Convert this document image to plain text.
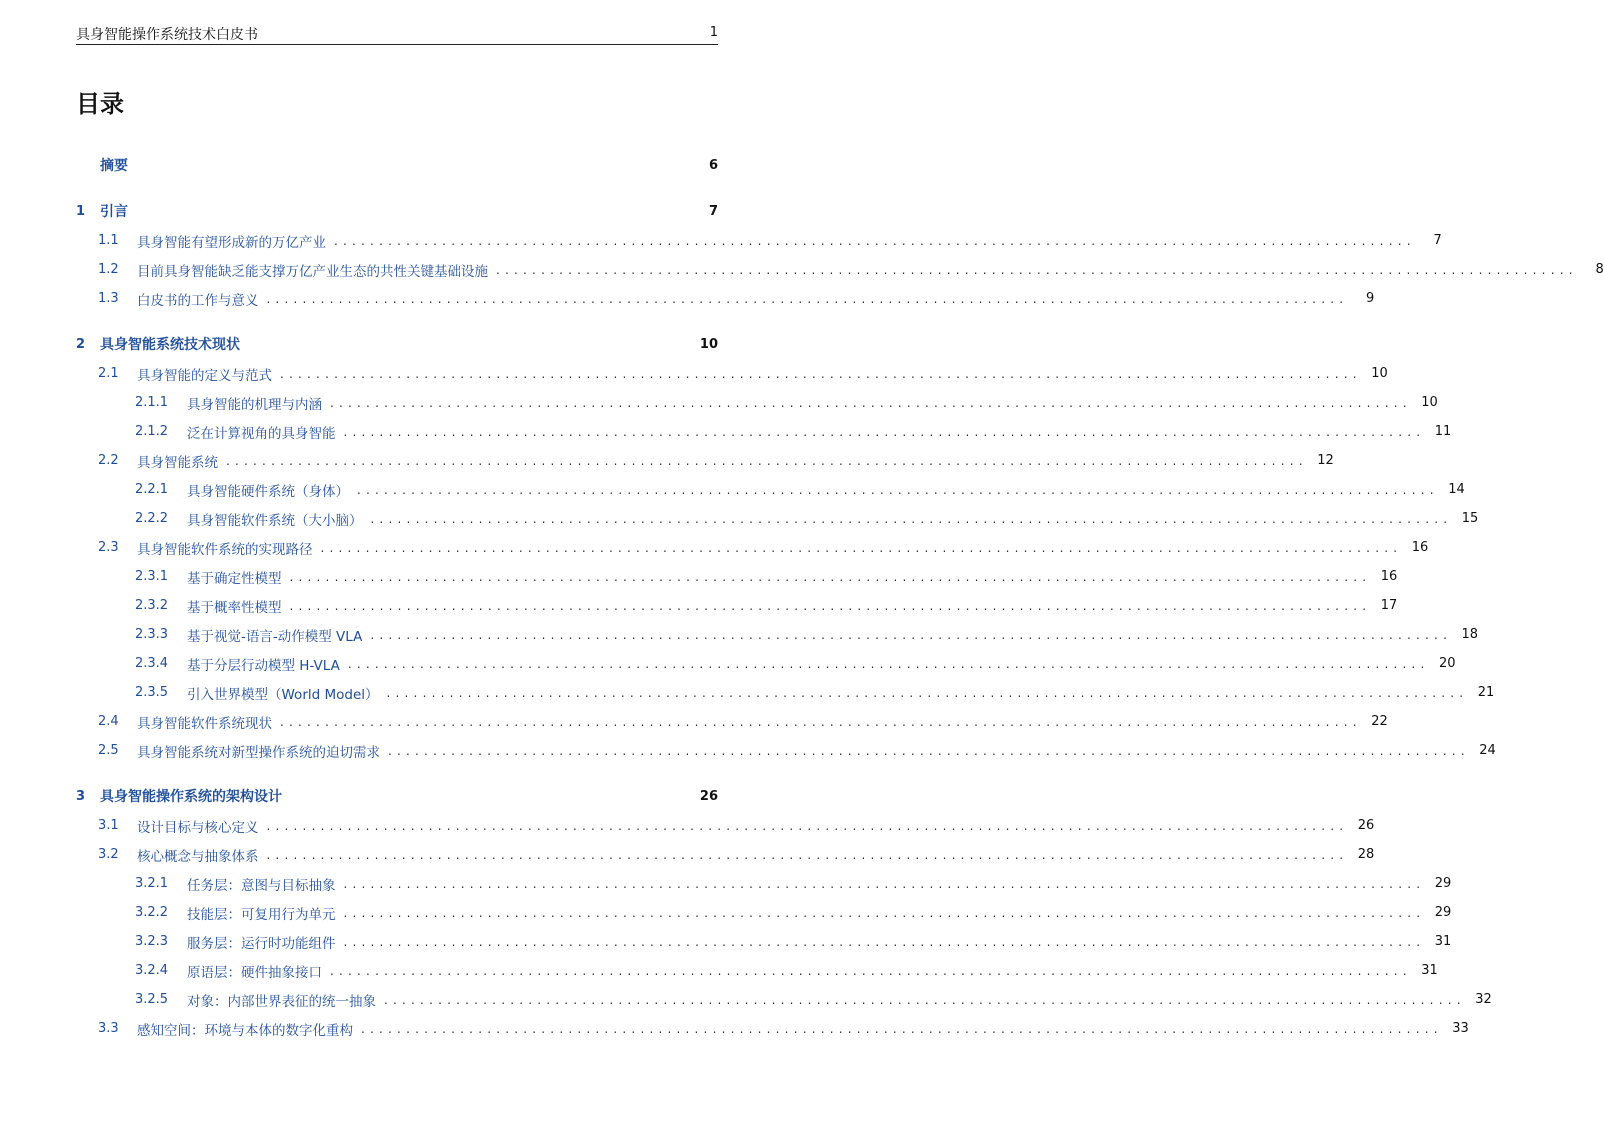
具身智能操作系统技术白皮书	1
目录
摘要	6
1	引言	7
1.1	具身智能有望形成新的万亿产业 ........................................................................................................................	7
1.2	目前具身智能缺乏能支撑万亿产业生态的共性关键基础设施 ........................................................................................................................	8
1.3	白皮书的工作与意义 ........................................................................................................................	9
2	具身智能系统技术现状	10
2.1	具身智能的定义与范式 ........................................................................................................................ 10
2.1.1	具身智能的机理与内涵 ........................................................................................................................ 10
2.1.2	泛在计算视角的具身智能 ........................................................................................................................ 11
2.2	具身智能系统 ........................................................................................................................ 12
2.2.1	具身智能硬件系统（身体） ........................................................................................................................ 14
2.2.2	具身智能软件系统（大小脑） ........................................................................................................................ 15
2.3	具身智能软件系统的实现路径 ........................................................................................................................ 16
2.3.1	基于确定性模型 ........................................................................................................................ 16
2.3.2	基于概率性模型 ........................................................................................................................ 17
2.3.3	基于视觉-语言-动作模型 VLA ........................................................................................................................ 18
2.3.4	基于分层行动模型 H-VLA ........................................................................................................................ 20
2.3.5	引入世界模型（World Model） ........................................................................................................................ 21
2.4	具身智能软件系统现状 ........................................................................................................................ 22
2.5	具身智能系统对新型操作系统的迫切需求 ........................................................................................................................ 24
3	具身智能操作系统的架构设计	26
3.1	设计目标与核心定义 ........................................................................................................................ 26
3.2	核心概念与抽象体系 ........................................................................................................................ 28
3.2.1	任务层：意图与目标抽象 ........................................................................................................................ 29
3.2.2	技能层：可复用行为单元 ........................................................................................................................ 29
3.2.3	服务层：运行时功能组件 ........................................................................................................................ 31
3.2.4	原语层：硬件抽象接口 ........................................................................................................................ 31
3.2.5	对象：内部世界表征的统一抽象 ........................................................................................................................ 32
3.3	感知空间：环境与本体的数字化重构 ........................................................................................................................ 33
